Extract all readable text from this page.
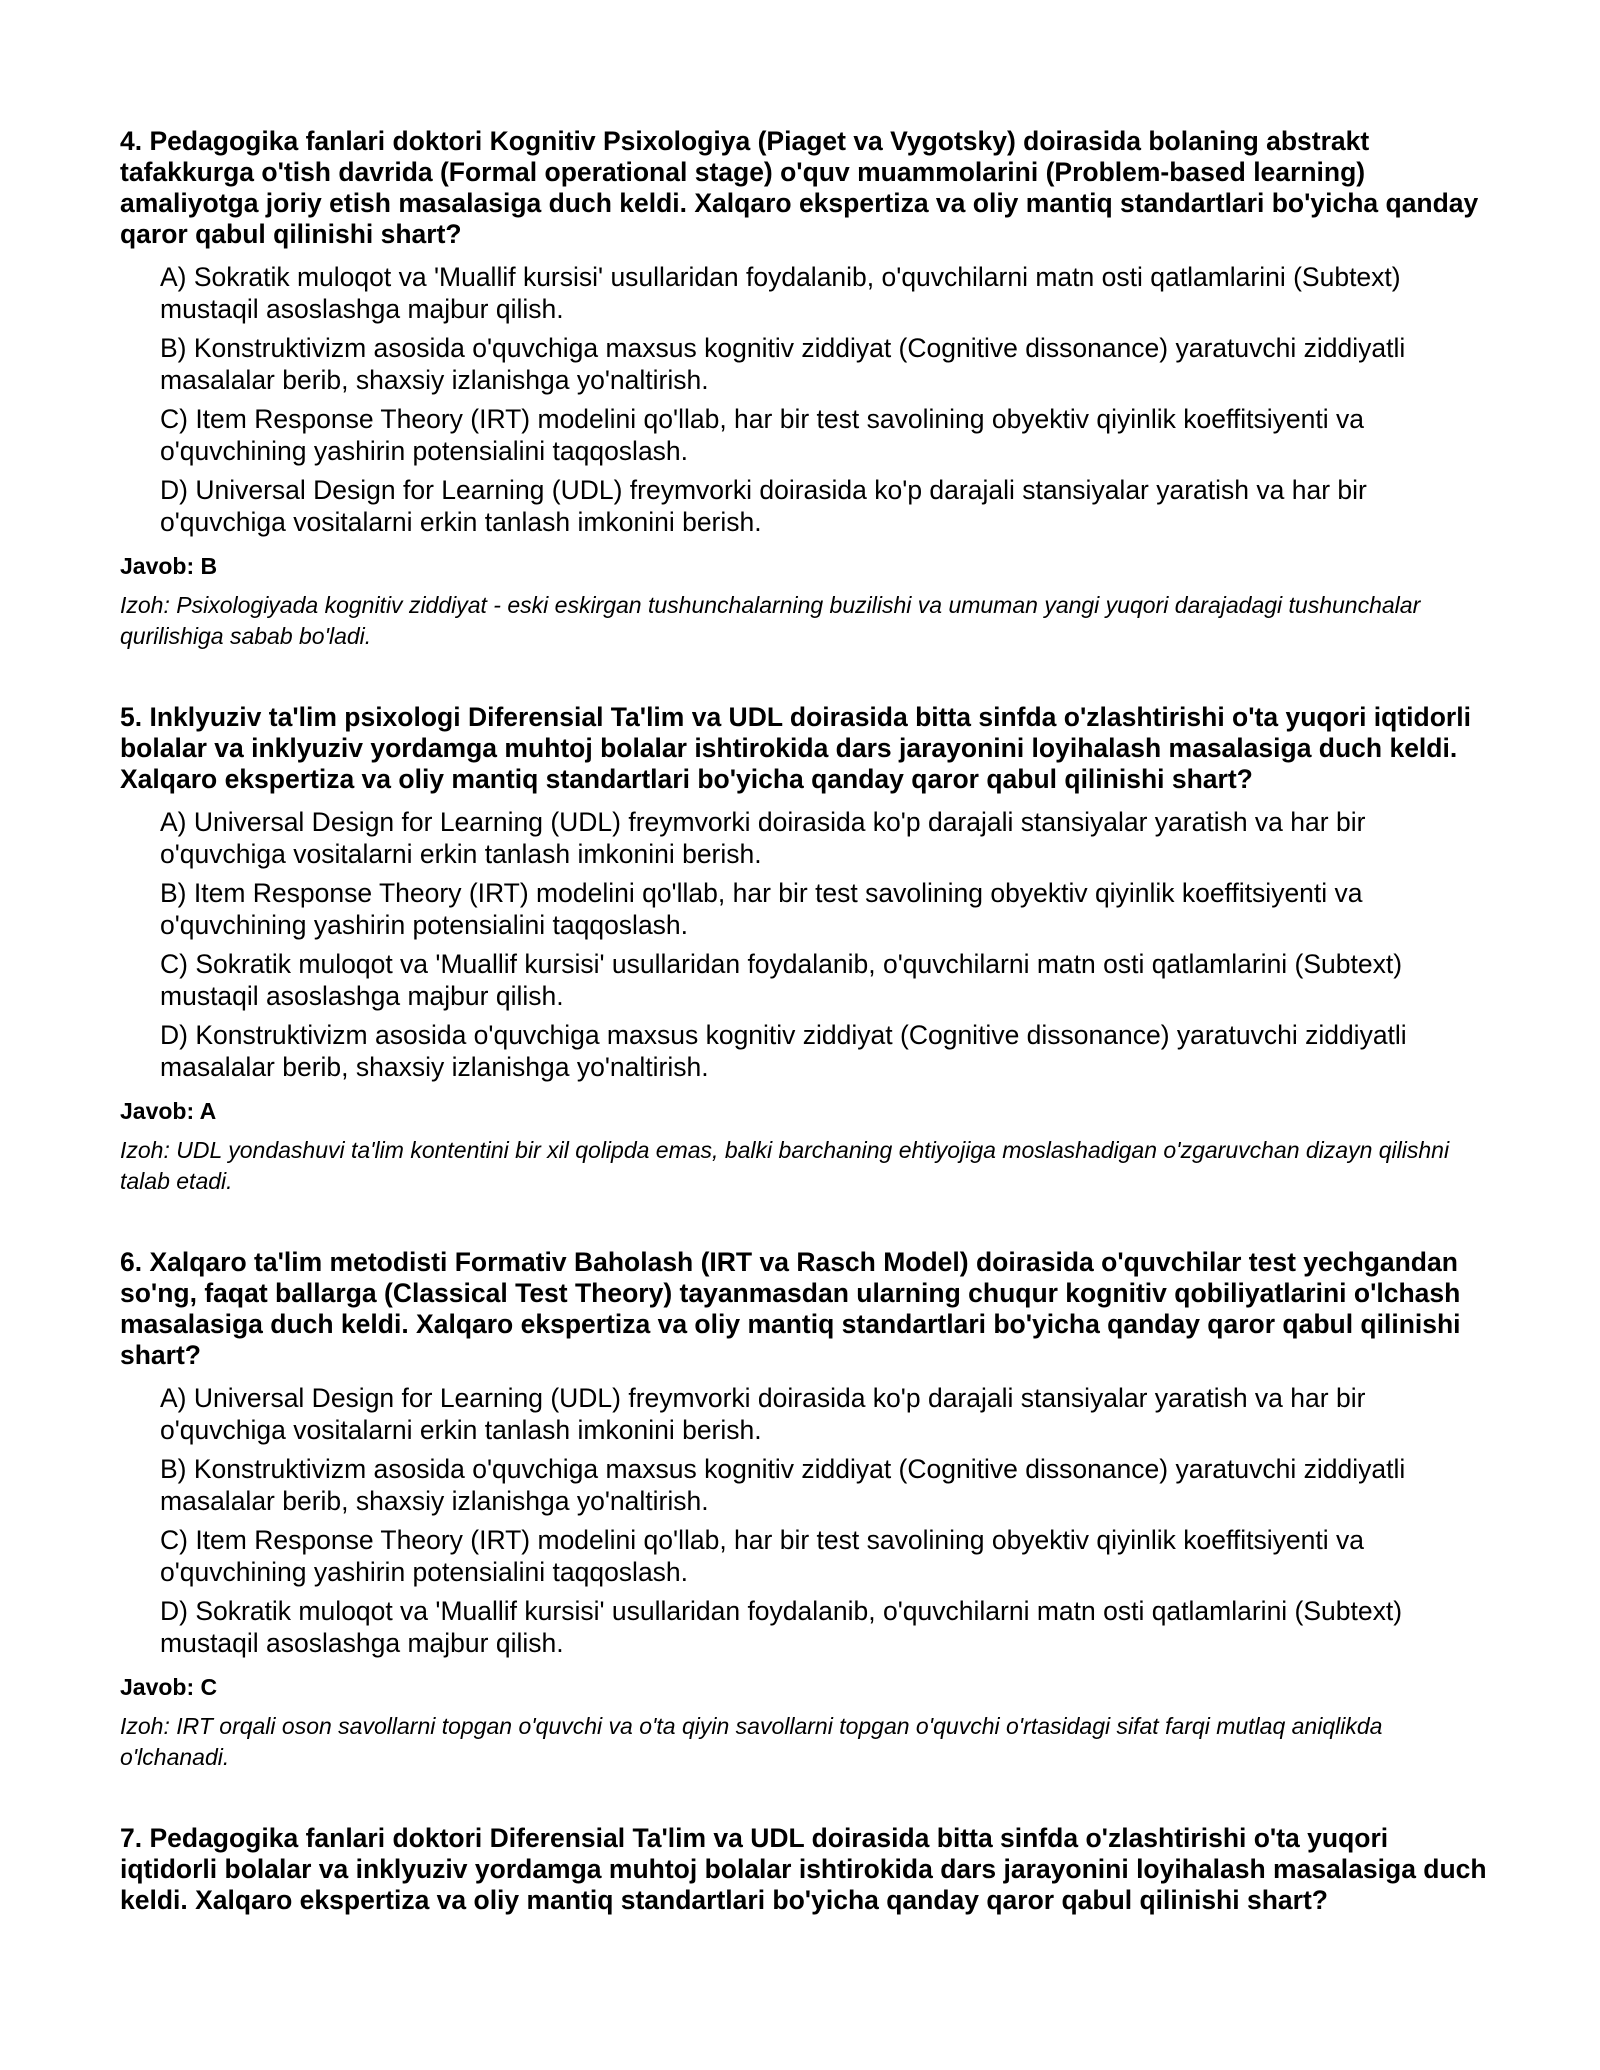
4. Pedagogika fanlari doktori Kognitiv Psixologiya (Piaget va Vygotsky) doirasida bolaning abstrakt tafakkurga o'tish davrida (Formal operational stage) o'quv muammolarini (Problem-based learning) amaliyotga joriy etish masalasiga duch keldi. Xalqaro ekspertiza va oliy mantiq standartlari bo'yicha qanday qaror qabul qilinishi shart?
A) Sokratik muloqot va 'Muallif kursisi' usullaridan foydalanib, o'quvchilarni matn osti qatlamlarini (Subtext) mustaqil asoslashga majbur qilish.
B) Konstruktivizm asosida o'quvchiga maxsus kognitiv ziddiyat (Cognitive dissonance) yaratuvchi ziddiyatli masalalar berib, shaxsiy izlanishga yo'naltirish.
C) Item Response Theory (IRT) modelini qo'llab, har bir test savolining obyektiv qiyinlik koeffitsiyenti va o'quvchining yashirin potensialini taqqoslash.
D) Universal Design for Learning (UDL) freymvorki doirasida ko'p darajali stansiyalar yaratish va har bir o'quvchiga vositalarni erkin tanlash imkonini berish.
Javob: B
Izoh: Psixologiyada kognitiv ziddiyat - eski eskirgan tushunchalarning buzilishi va umuman yangi yuqori darajadagi tushunchalar qurilishiga sabab bo'ladi.
5. Inklyuziv ta'lim psixologi Diferensial Ta'lim va UDL doirasida bitta sinfda o'zlashtirishi o'ta yuqori iqtidorli bolalar va inklyuziv yordamga muhtoj bolalar ishtirokida dars jarayonini loyihalash masalasiga duch keldi. Xalqaro ekspertiza va oliy mantiq standartlari bo'yicha qanday qaror qabul qilinishi shart?
A) Universal Design for Learning (UDL) freymvorki doirasida ko'p darajali stansiyalar yaratish va har bir o'quvchiga vositalarni erkin tanlash imkonini berish.
B) Item Response Theory (IRT) modelini qo'llab, har bir test savolining obyektiv qiyinlik koeffitsiyenti va o'quvchining yashirin potensialini taqqoslash.
C) Sokratik muloqot va 'Muallif kursisi' usullaridan foydalanib, o'quvchilarni matn osti qatlamlarini (Subtext) mustaqil asoslashga majbur qilish.
D) Konstruktivizm asosida o'quvchiga maxsus kognitiv ziddiyat (Cognitive dissonance) yaratuvchi ziddiyatli masalalar berib, shaxsiy izlanishga yo'naltirish.
Javob: A
Izoh: UDL yondashuvi ta'lim kontentini bir xil qolipda emas, balki barchaning ehtiyojiga moslashadigan o'zgaruvchan dizayn qilishni talab etadi.
6. Xalqaro ta'lim metodisti Formativ Baholash (IRT va Rasch Model) doirasida o'quvchilar test yechgandan so'ng, faqat ballarga (Classical Test Theory) tayanmasdan ularning chuqur kognitiv qobiliyatlarini o'lchash masalasiga duch keldi. Xalqaro ekspertiza va oliy mantiq standartlari bo'yicha qanday qaror qabul qilinishi shart?
A) Universal Design for Learning (UDL) freymvorki doirasida ko'p darajali stansiyalar yaratish va har bir o'quvchiga vositalarni erkin tanlash imkonini berish.
B) Konstruktivizm asosida o'quvchiga maxsus kognitiv ziddiyat (Cognitive dissonance) yaratuvchi ziddiyatli masalalar berib, shaxsiy izlanishga yo'naltirish.
C) Item Response Theory (IRT) modelini qo'llab, har bir test savolining obyektiv qiyinlik koeffitsiyenti va o'quvchining yashirin potensialini taqqoslash.
D) Sokratik muloqot va 'Muallif kursisi' usullaridan foydalanib, o'quvchilarni matn osti qatlamlarini (Subtext) mustaqil asoslashga majbur qilish.
Javob: C
Izoh: IRT orqali oson savollarni topgan o'quvchi va o'ta qiyin savollarni topgan o'quvchi o'rtasidagi sifat farqi mutlaq aniqlikda o'lchanadi.
7. Pedagogika fanlari doktori Diferensial Ta'lim va UDL doirasida bitta sinfda o'zlashtirishi o'ta yuqori iqtidorli bolalar va inklyuziv yordamga muhtoj bolalar ishtirokida dars jarayonini loyihalash masalasiga duch keldi. Xalqaro ekspertiza va oliy mantiq standartlari bo'yicha qanday qaror qabul qilinishi shart?
